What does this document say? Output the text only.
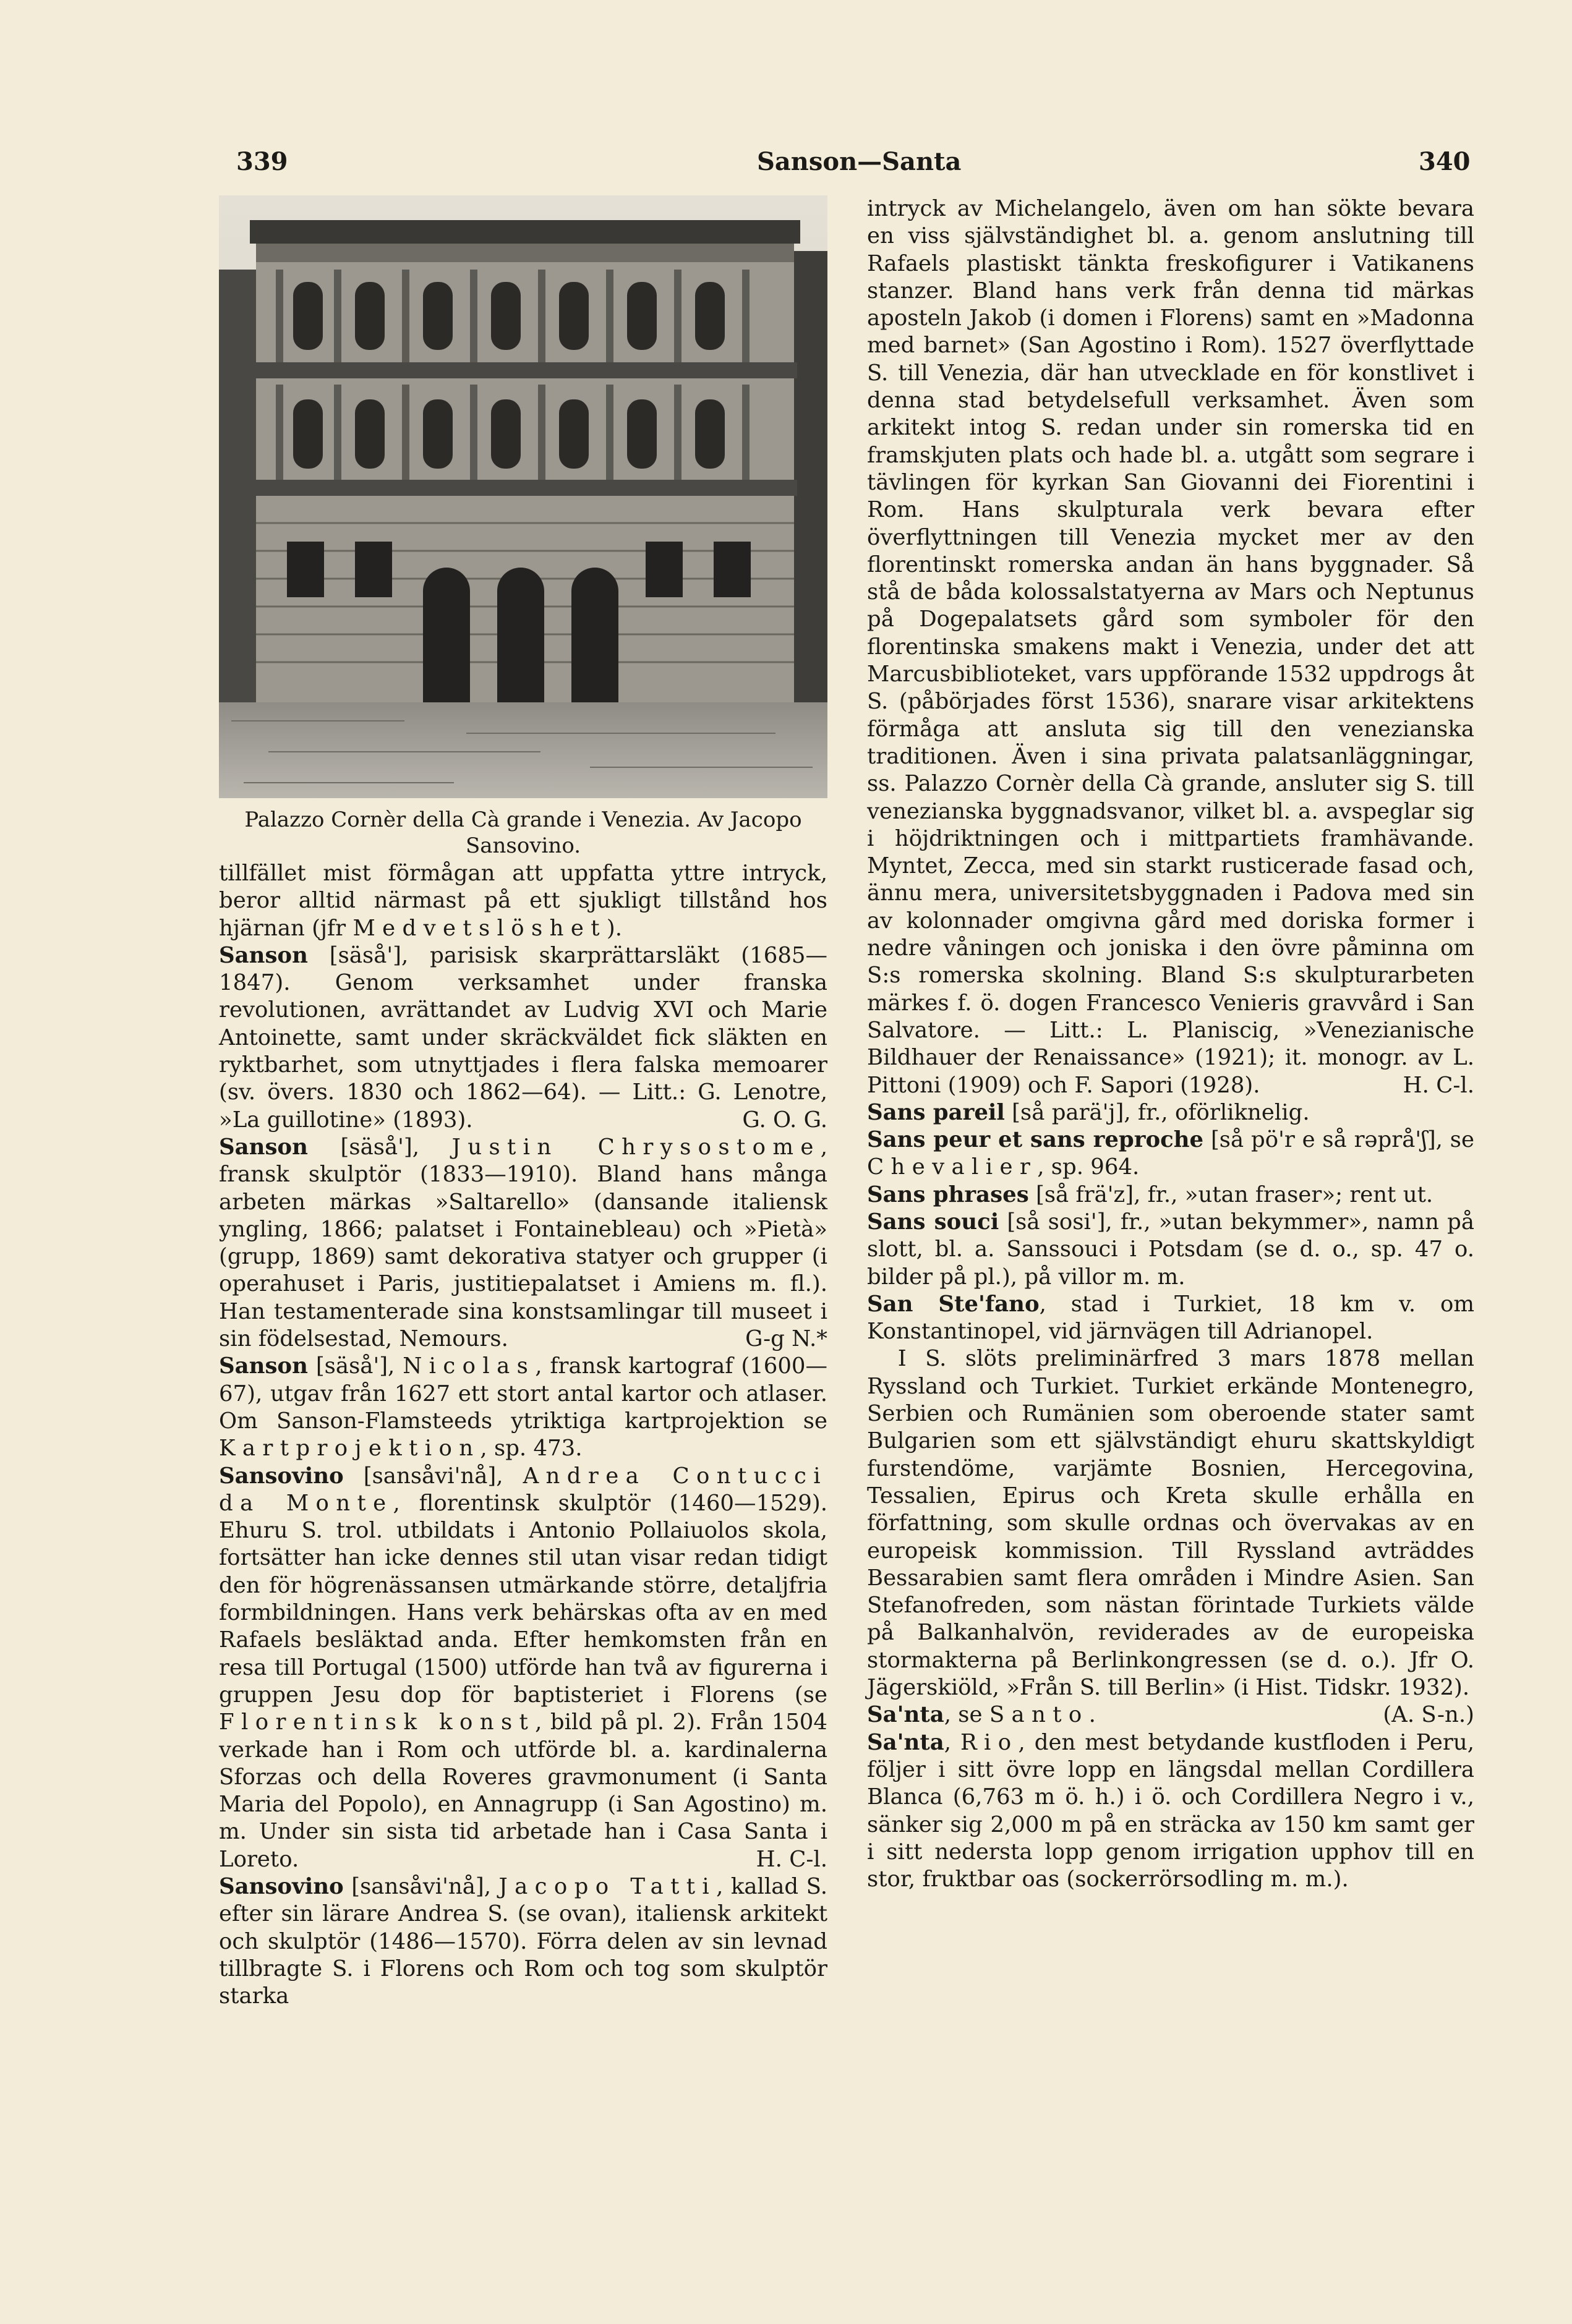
339	Sanson—Santa	340
Palazzo Cornèr della Cà grande i Venezia. Av Jacopo Sansovino.

tillfället mist förmågan att uppfatta yttre intryck, beror alltid närmast på ett sjukligt tillstånd hos hjärnan (jfr Medvetslöshet).

Sanson [säså'], parisisk skarprättarsläkt (1685—1847). Genom verksamhet under franska revolutionen, avrättandet av Ludvig XVI och Marie Antoinette, samt under skräckväldet fick släkten en ryktbarhet, som utnyttjades i flera falska memoarer (sv. övers. 1830 och 1862—64). — Litt.: G. Lenotre, »La guillotine» (1893).	G. O. G.

Sanson [säså'], Justin Chrysostome, fransk skulptör (1833—1910). Bland hans många arbeten märkas »Saltarello» (dansande italiensk yngling, 1866; palatset i Fontainebleau) och »Pietà» (grupp, 1869) samt dekorativa statyer och grupper (i operahuset i Paris, justitiepalatset i Amiens m. fl.). Han testamenterade sina konstsamlingar till museet i sin födelsestad, Nemours.	G-g N.*

Sanson [säså'], Nicolas, fransk kartograf (1600—67), utgav från 1627 ett stort antal kartor och atlaser. Om Sanson-Flamsteeds ytriktiga kartprojektion se Kartprojektion, sp. 473.

Sansovino [sansåvi'nå], Andrea Contucci da Monte, florentinsk skulptör (1460—1529). Ehuru S. trol. utbildats i Antonio Pollaiuolos skola, fortsätter han icke dennes stil utan visar redan tidigt den för högrenässansen utmärkande större, detaljfria formbildningen. Hans verk behärskas ofta av en med Rafaels besläktad anda. Efter hemkomsten från en resa till Portugal (1500) utförde han två av figurerna i gruppen Jesu dop för baptisteriet i Florens (se Florentinsk konst, bild på pl. 2). Från 1504 verkade han i Rom och utförde bl. a. kardinalerna Sforzas och della Roveres gravmonument (i Santa Maria del Popolo), en Annagrupp (i San Agostino) m. m. Under sin sista tid arbetade han i Casa Santa i Loreto.	H. C-l.

Sansovino [sansåvi'nå], Jacopo Tatti, kallad S. efter sin lärare Andrea S. (se ovan), italiensk arkitekt och skulptör (1486—1570). Förra delen av sin levnad tillbragte S. i Florens och Rom och tog som skulptör starka

intryck av Michelangelo, även om han sökte bevara en viss självständighet bl. a. genom anslutning till Rafaels plastiskt tänkta freskofigurer i Vatikanens stanzer. Bland hans verk från denna tid märkas aposteln Jakob (i domen i Florens) samt en »Madonna med barnet» (San Agostino i Rom). 1527 överflyttade S. till Venezia, där han utvecklade en för konstlivet i denna stad betydelsefull verksamhet. Även som arkitekt intog S. redan under sin romerska tid en framskjuten plats och hade bl. a. utgått som segrare i tävlingen för kyrkan San Giovanni dei Fiorentini i Rom. Hans skulpturala verk bevara efter överflyttningen till Venezia mycket mer av den florentinskt romerska andan än hans byggnader. Så stå de båda kolossalstatyerna av Mars och Neptunus på Dogepalatsets gård som symboler för den florentinska smakens makt i Venezia, under det att Marcusbiblioteket, vars uppförande 1532 uppdrogs åt S. (påbörjades först 1536), snarare visar arkitektens förmåga att ansluta sig till den venezianska traditionen. Även i sina privata palatsanläggningar, ss. Palazzo Cornèr della Cà grande, ansluter sig S. till venezianska byggnadsvanor, vilket bl. a. avspeglar sig i höjdriktningen och i mittpartiets framhävande. Myntet, Zecca, med sin starkt rusticerade fasad och, ännu mera, universitetsbyggnaden i Padova med sin av kolonnader omgivna gård med doriska former i nedre våningen och joniska i den övre påminna om S:s romerska skolning. Bland S:s skulpturarbeten märkes f. ö. dogen Francesco Venieris gravvård i San Salvatore. — Litt.: L. Planiscig, »Venezianische Bildhauer der Renaissance» (1921); it. monogr. av L. Pittoni (1909) och F. Sapori (1928).	H. C-l.

Sans pareil [så parä'j], fr., oförliknelig.

Sans peur et sans reproche [så pö'r e så rəprå'ʃ], se Chevalier, sp. 964.

Sans phrases [så frä'z], fr., »utan fraser»; rent ut.

Sans souci [så sosi'], fr., »utan bekymmer», namn på slott, bl. a. Sanssouci i Potsdam (se d. o., sp. 47 o. bilder på pl.), på villor m. m.

San Ste'fano, stad i Turkiet, 18 km v. om Konstantinopel, vid järnvägen till Adrianopel.

I S. slöts preliminärfred 3 mars 1878 mellan Ryssland och Turkiet. Turkiet erkände Montenegro, Serbien och Rumänien som oberoende stater samt Bulgarien som ett självständigt ehuru skattskyldigt furstendöme, varjämte Bosnien, Hercegovina, Tessalien, Epirus och Kreta skulle erhålla en författning, som skulle ordnas och övervakas av en europeisk kommission. Till Ryssland avträddes Bessarabien samt flera områden i Mindre Asien. San Stefanofreden, som nästan förintade Turkiets välde på Balkanhalvön, reviderades av de europeiska stormakterna på Berlinkongressen (se d. o.). Jfr O. Jägerskiöld, »Från S. till Berlin» (i Hist. Tidskr. 1932).
(A. S-n.)

Sa'nta, se Santo.

Sa'nta, Rio, den mest betydande kustfloden i Peru, följer i sitt övre lopp en längsdal mellan Cordillera Blanca (6,763 m ö. h.) i ö. och Cordillera Negro i v., sänker sig 2,000 m på en sträcka av 150 km samt ger i sitt nedersta lopp genom irrigation upphov till en stor, fruktbar oas (sockerrörsodling m. m.).
